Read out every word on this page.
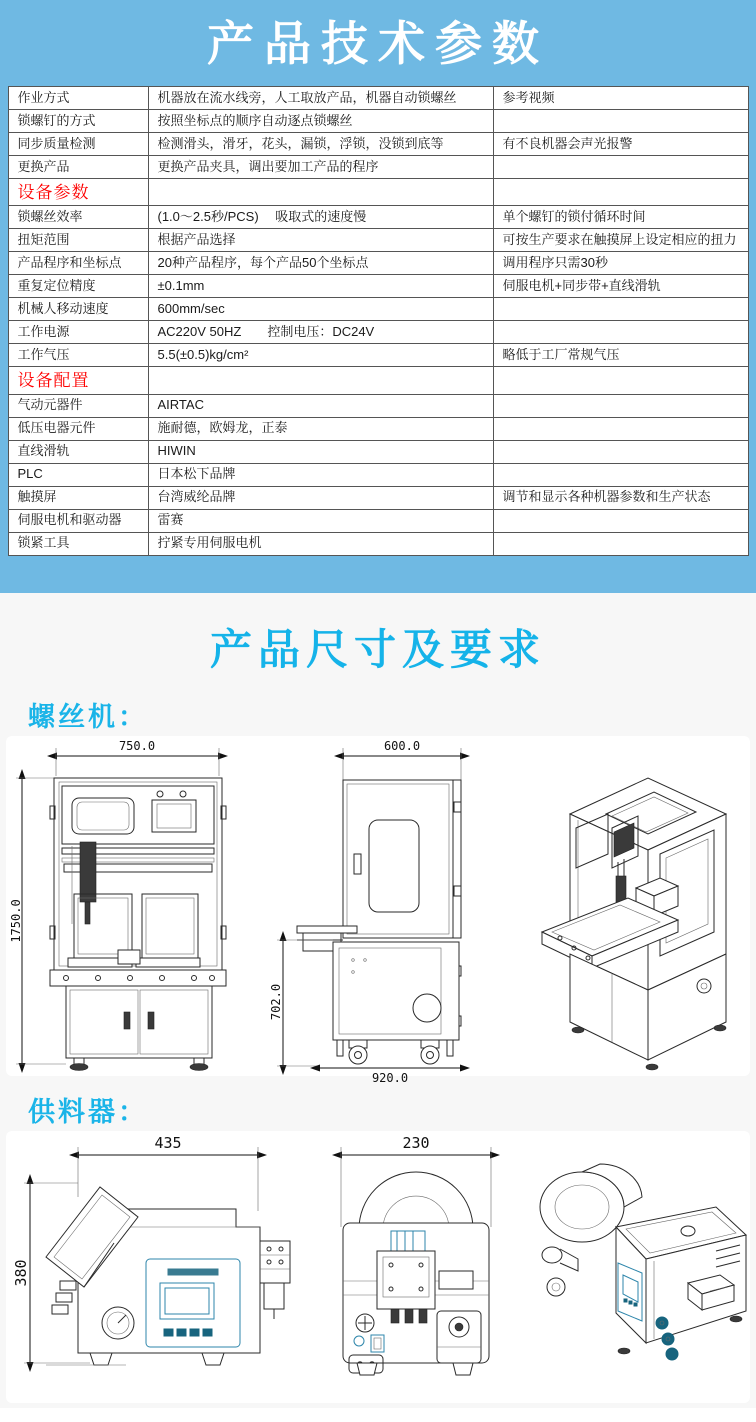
产品技术参数
作业方式	机器放在流水线旁，人工取放产品，机器自动锁螺丝	参考视频
锁螺钉的方式	按照坐标点的顺序自动逐点锁螺丝	
同步质量检测	检测滑头，滑牙，花头，漏锁，浮锁，没锁到底等	有不良机器会声光报警
更换产品	更换产品夹具，调出要加工产品的程序	
设备参数		
锁螺丝效率	(1.0～2.5秒/PCS)　 吸取式的速度慢	单个螺钉的锁付循环时间
扭矩范围	根据产品选择	可按生产要求在触摸屏上设定相应的扭力
产品程序和坐标点	20种产品程序，每个产品50个坐标点	调用程序只需30秒
重复定位精度	±0.1mm	伺服电机+同步带+直线滑轨
机械人移动速度	600mm/sec	
工作电源	AC220V 50HZ　　控制电压：DC24V	
工作气压	5.5(±0.5)kg/cm²	略低于工厂常规气压
设备配置		
气动元器件	AIRTAC	
低压电器元件	施耐德，欧姆龙，正泰	
直线滑轨	HIWIN	
PLC	日本松下品牌	
触摸屏	台湾威纶品牌	调节和显示各种机器参数和生产状态
伺服电机和驱动器	雷赛	
锁紧工具	拧紧专用伺服电机	
产品尺寸及要求
螺丝机：
750.0
1750.0
600.0
702.0
920.0
供料器：
435
380
230
